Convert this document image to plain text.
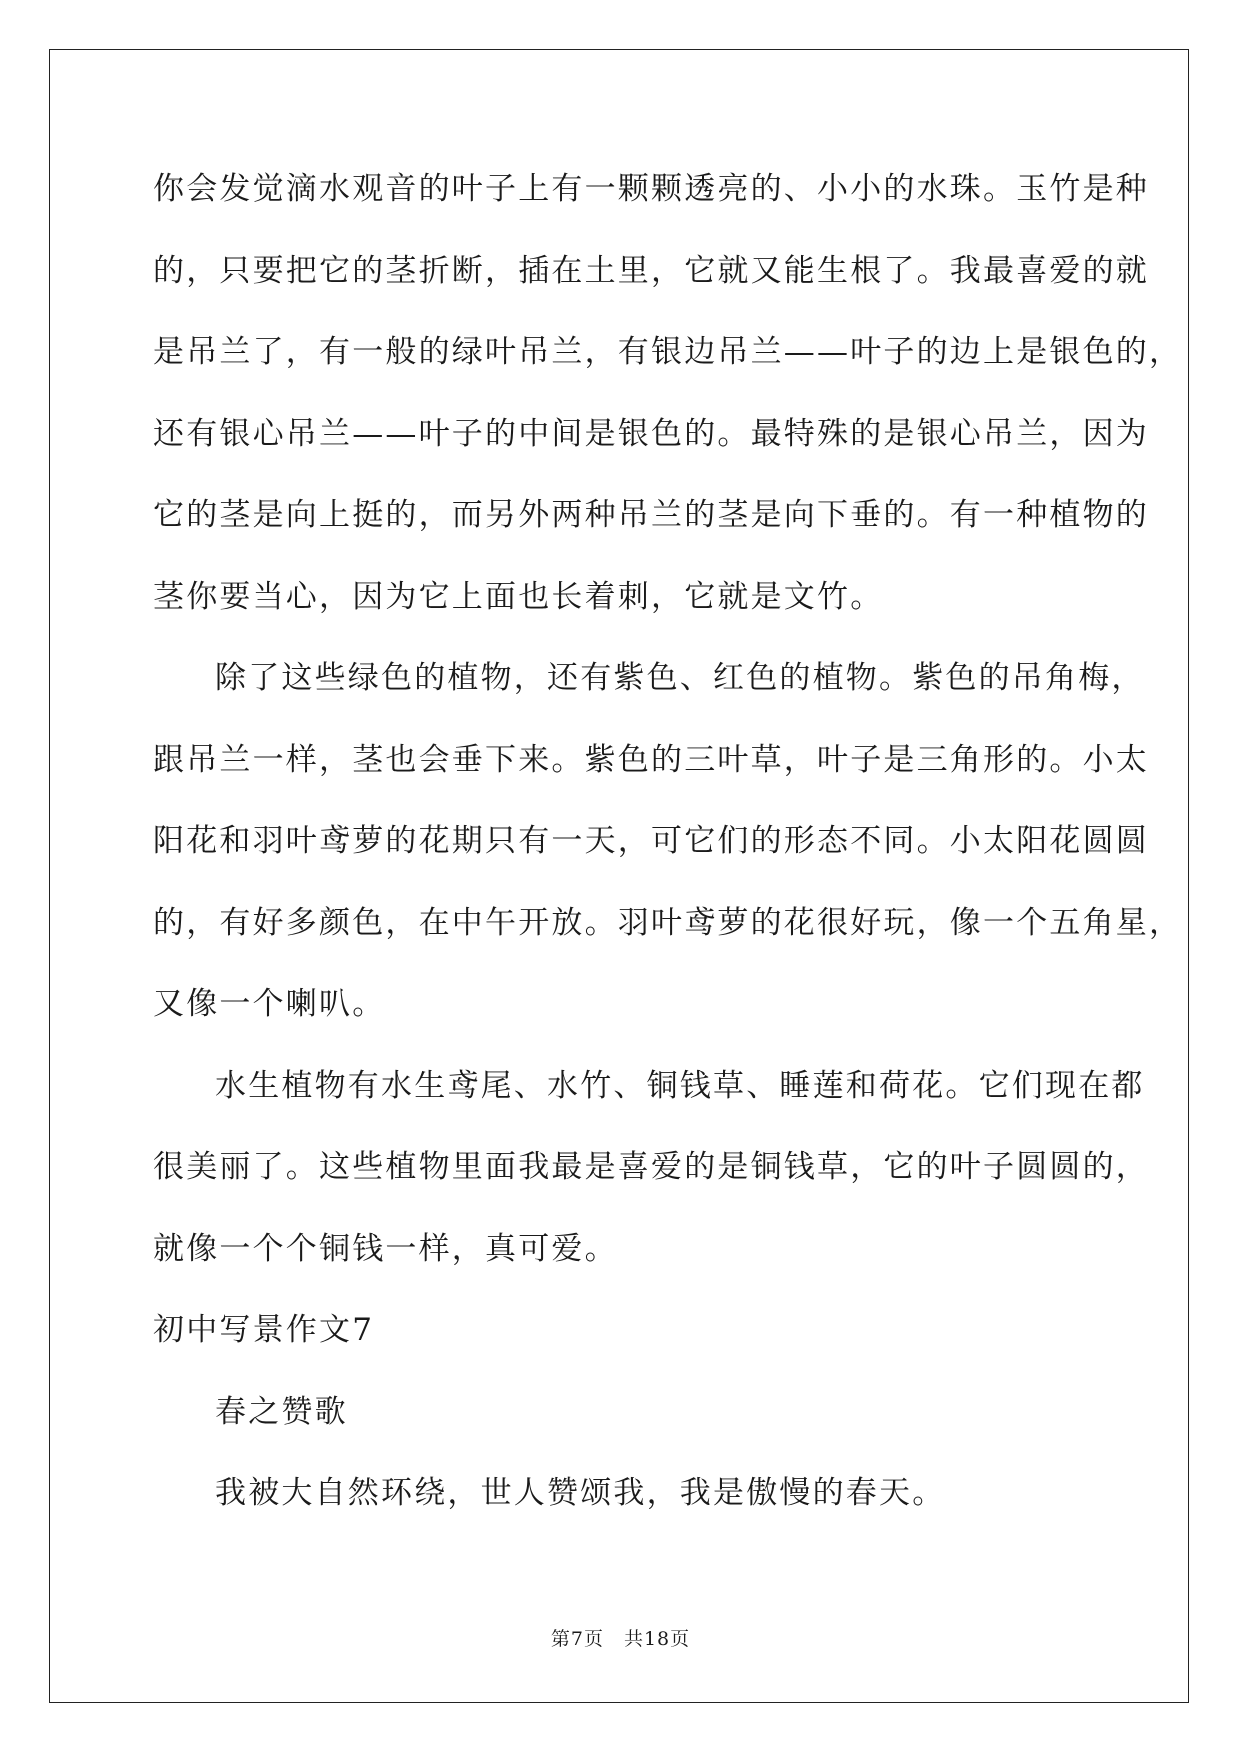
你会发觉滴水观音的叶子上有一颗颗透亮的、小小的水珠。玉竹是种
的，只要把它的茎折断，插在土里，它就又能生根了。我最喜爱的就
是吊兰了，有一般的绿叶吊兰，有银边吊兰——叶子的边上是银色的，
还有银心吊兰——叶子的中间是银色的。最特殊的是银心吊兰，因为
它的茎是向上挺的，而另外两种吊兰的茎是向下垂的。有一种植物的
茎你要当心，因为它上面也长着刺，它就是文竹。
除了这些绿色的植物，还有紫色、红色的植物。紫色的吊角梅，
跟吊兰一样，茎也会垂下来。紫色的三叶草，叶子是三角形的。小太
阳花和羽叶鸢萝的花期只有一天，可它们的形态不同。小太阳花圆圆
的，有好多颜色，在中午开放。羽叶鸢萝的花很好玩，像一个五角星，
又像一个喇叭。
水生植物有水生鸢尾、水竹、铜钱草、睡莲和荷花。它们现在都
很美丽了。这些植物里面我最是喜爱的是铜钱草，它的叶子圆圆的，
就像一个个铜钱一样，真可爱。
初中写景作文7
春之赞歌
我被大自然环绕，世人赞颂我，我是傲慢的春天。
第7页　共18页
